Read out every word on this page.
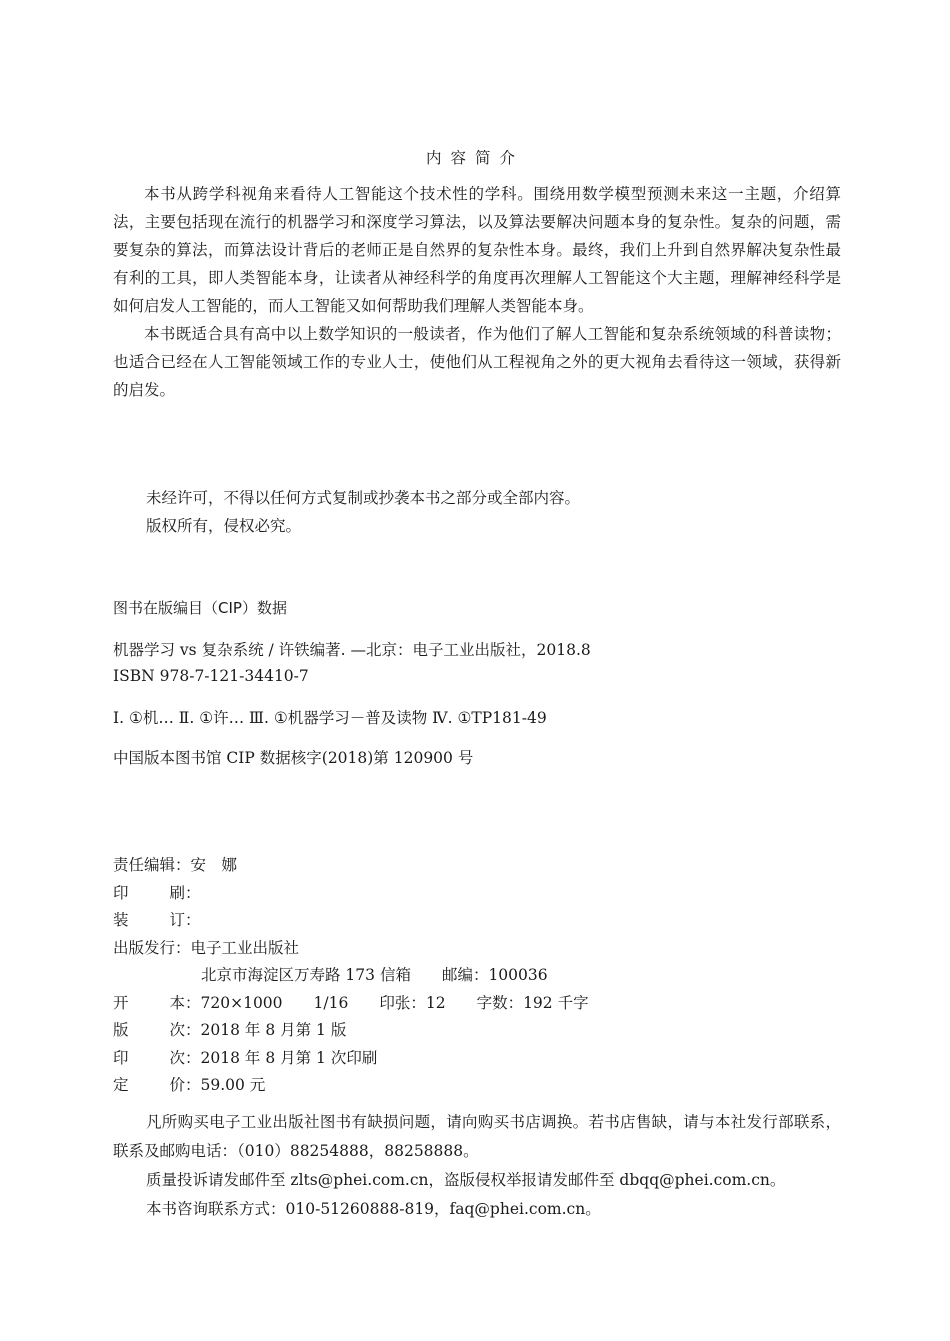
内容简介

本书从跨学科视角来看待人工智能这个技术性的学科。围绕用数学模型预测未来这一主题，介绍算法，主要包括现在流行的机器学习和深度学习算法，以及算法要解决问题本身的复杂性。复杂的问题，需要复杂的算法，而算法设计背后的老师正是自然界的复杂性本身。最终，我们上升到自然界解决复杂性最有利的工具，即人类智能本身，让读者从神经科学的角度再次理解人工智能这个大主题，理解神经科学是如何启发人工智能的，而人工智能又如何帮助我们理解人类智能本身。

本书既适合具有高中以上数学知识的一般读者，作为他们了解人工智能和复杂系统领域的科普读物；也适合已经在人工智能领域工作的专业人士，使他们从工程视角之外的更大视角去看待这一领域，获得新的启发。

未经许可，不得以任何方式复制或抄袭本书之部分或全部内容。
版权所有，侵权必究。
图书在版编目（CIP）数据
机器学习 vs 复杂系统 / 许铁编著. —北京：电子工业出版社，2018.8
ISBN 978-7-121-34410-7
Ⅰ. ①机… Ⅱ. ①许… Ⅲ. ①机器学习－普及读物 Ⅳ. ①TP181-49
中国版本图书馆 CIP 数据核字(2018)第 120900 号
责任编辑 ： 安　娜
印	刷 ：
装	订 ：
出版发行 ： 电子工业出版社
北京市海淀区万寿路 173 信箱　　邮编：100036
开	本 ： 720×1000　　1/16　　印张：12　　字数：192 千字
版	次 ： 2018 年 8 月第 1 版
印	次 ： 2018 年 8 月第 1 次印刷
定	价 ： 59.00 元

凡所购买电子工业出版社图书有缺损问题，请向购买书店调换。若书店售缺，请与本社发行部联系，联系及邮购电话：（010）88254888，88258888。

质量投诉请发邮件至 zlts@phei.com.cn，盗版侵权举报请发邮件至 dbqq@phei.com.cn。

本书咨询联系方式：010-51260888-819，faq@phei.com.cn。
